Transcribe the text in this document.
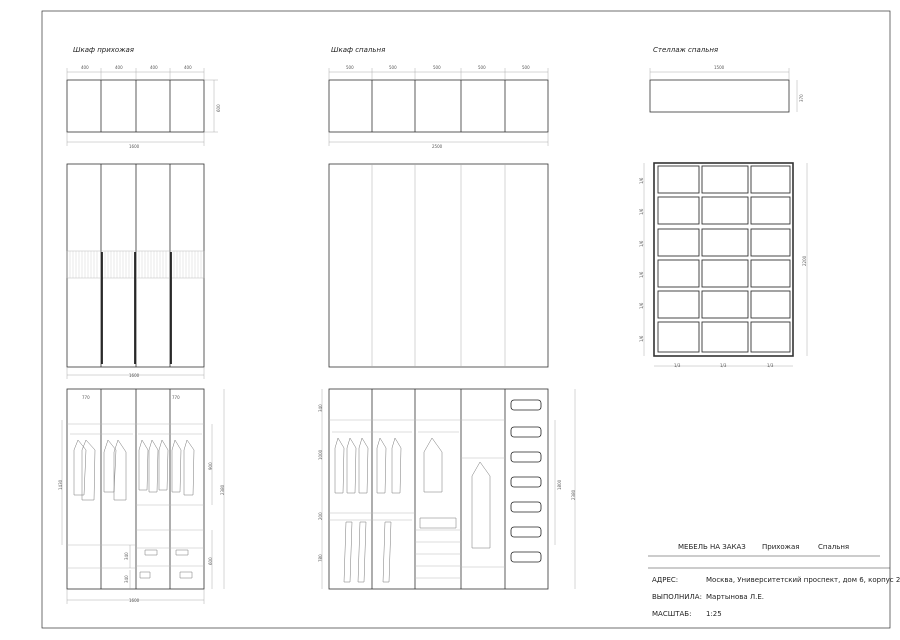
Шкаф прихожая	Шкаф спальня	Стеллаж спальня
400	400	400	400
600
1600
1600
1600
1430
770	770
900
2380
600
340
340
500	500	500	500	500
2500
340
1000
200
780
1800
2380
1500
370
2200
1/6
1/6
1/6
1/6
1/6
1/6
1/3	1/3	1/3
МЕБЕЛЬ НА ЗАКАЗ Прихожая	Спальня
АДРЕС:	Москва, Университетский проспект, дом 6, корпус 2
ВЫПОЛНИЛА: Мартынова Л.Е.
МАСШТАБ: 1:25
